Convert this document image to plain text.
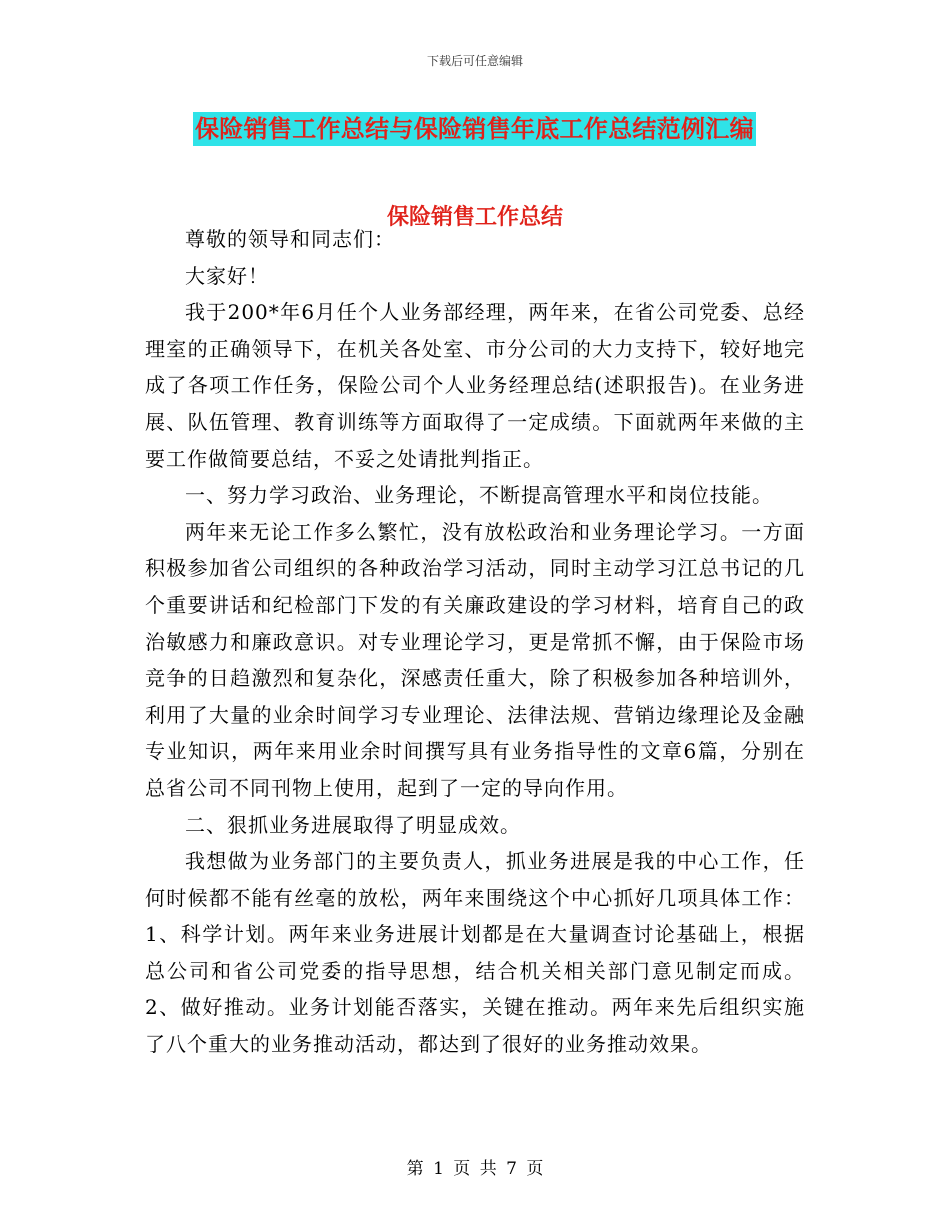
下载后可任意编辑
保险销售工作总结与保险销售年底工作总结范例汇编
保险销售工作总结

尊敬的领导和同志们：

大家好！

我于200*年6月任个人业务部经理，两年来，在省公司党委、总经理室的正确领导下，在机关各处室、市分公司的大力支持下，较好地完成了各项工作任务，保险公司个人业务经理总结(述职报告)。在业务进展、队伍管理、教育训练等方面取得了一定成绩。下面就两年来做的主要工作做简要总结，不妥之处请批判指正。

一、努力学习政治、业务理论，不断提高管理水平和岗位技能。

两年来无论工作多么繁忙，没有放松政治和业务理论学习。一方面积极参加省公司组织的各种政治学习活动，同时主动学习江总书记的几个重要讲话和纪检部门下发的有关廉政建设的学习材料，培育自己的政治敏感力和廉政意识。对专业理论学习，更是常抓不懈，由于保险市场竞争的日趋激烈和复杂化，深感责任重大，除了积极参加各种培训外，利用了大量的业余时间学习专业理论、法律法规、营销边缘理论及金融专业知识，两年来用业余时间撰写具有业务指导性的文章6篇，分别在总省公司不同刊物上使用，起到了一定的导向作用。

二、狠抓业务进展取得了明显成效。

我想做为业务部门的主要负责人，抓业务进展是我的中心工作，任何时候都不能有丝毫的放松，两年来围绕这个中心抓好几项具体工作：1、科学计划。两年来业务进展计划都是在大量调查讨论基础上，根据总公司和省公司党委的指导思想，结合机关相关部门意见制定而成。2、做好推动。业务计划能否落实，关键在推动。两年来先后组织实施了八个重大的业务推动活动，都达到了很好的业务推动效果。

第 1 页 共 7 页
